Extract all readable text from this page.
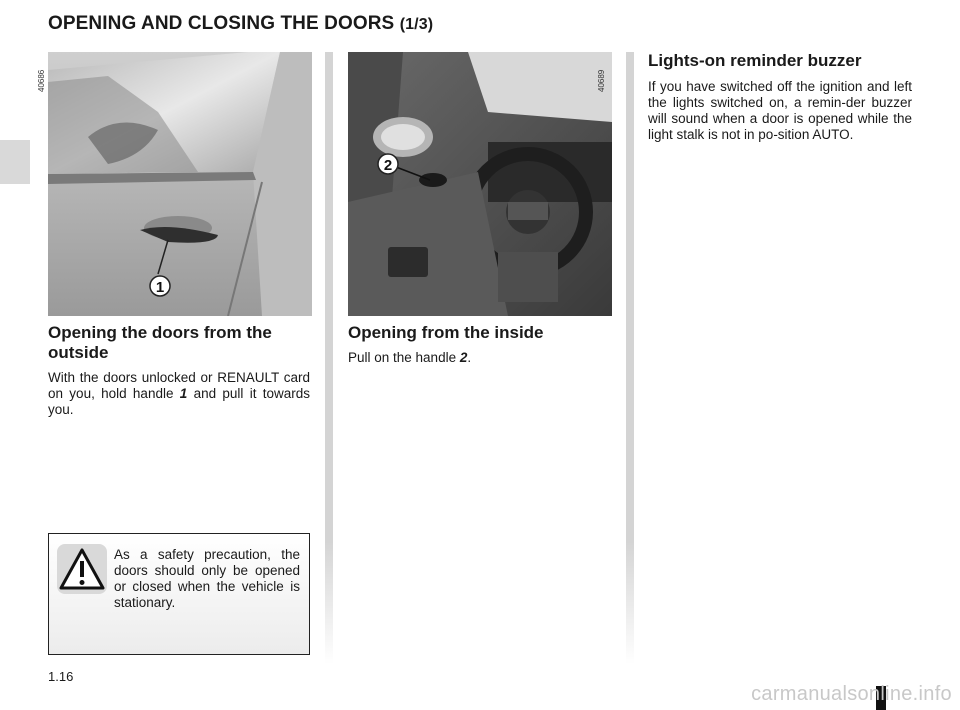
OPENING AND CLOSING THE DOORS (1/3)
1
40686
2
40689
Opening the doors from the outside

With the doors unlocked or RENAULT card on you, hold handle 1 and pull it towards you.

Opening from the inside

Pull on the handle 2.

Lights-on reminder buzzer

If you have switched off the ignition and left the lights switched on, a remin-der buzzer will sound when a door is opened while the light stalk is not in po-sition AUTO.

As a safety precaution, the doors should only be opened or closed when the vehicle is stationary.

1.16

carmanualsonline.info
